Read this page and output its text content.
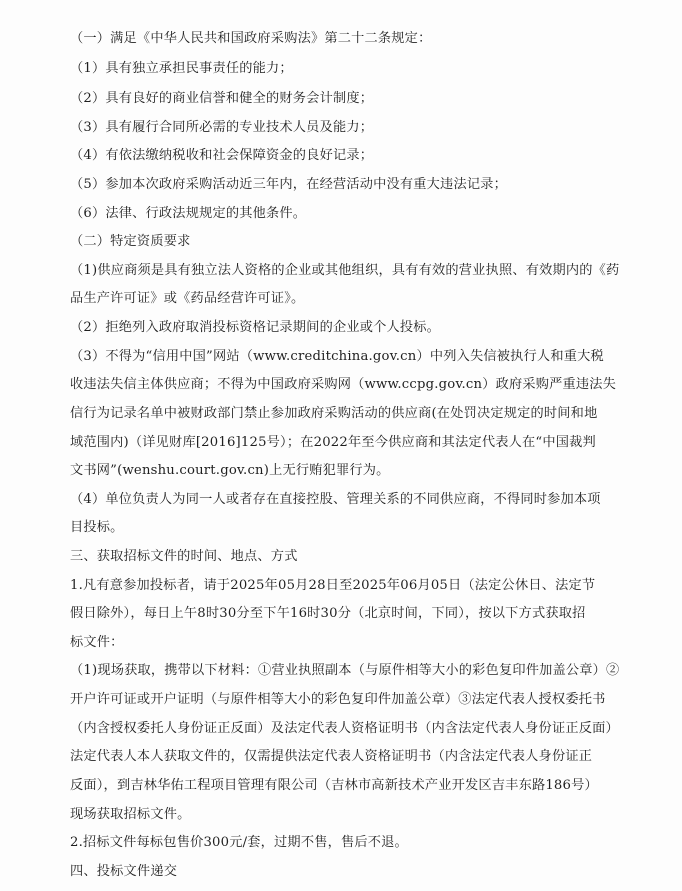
（一）满足《中华人民共和国政府采购法》第二十二条规定：
（1）具有独立承担民事责任的能力；
（2）具有良好的商业信誉和健全的财务会计制度；
（3）具有履行合同所必需的专业技术人员及能力；
（4）有依法缴纳税收和社会保障资金的良好记录；
（5）参加本次政府采购活动近三年内，在经营活动中没有重大违法记录；
（6）法律、行政法规规定的其他条件。
（二）特定资质要求
（1)供应商须是具有独立法人资格的企业或其他组织，具有有效的营业执照、有效期内的《药
品生产许可证》或《药品经营许可证》。
（2）拒绝列入政府取消投标资格记录期间的企业或个人投标。
（3）不得为“信用中国”网站（www.creditchina.gov.cn）中列入失信被执行人和重大税
收违法失信主体供应商；不得为中国政府采购网（www.ccpg.gov.cn）政府采购严重违法失
信行为记录名单中被财政部门禁止参加政府采购活动的供应商(在处罚决定规定的时间和地
域范围内)（详见财库[2016]125号）；在2022年至今供应商和其法定代表人在“中国裁判
文书网”(wenshu.court.gov.cn)上无行贿犯罪行为。
（4）单位负责人为同一人或者存在直接控股、管理关系的不同供应商，不得同时参加本项
目投标。
三、获取招标文件的时间、地点、方式
1.凡有意参加投标者，请于2025年05月28日至2025年06月05日（法定公休日、法定节
假日除外），每日上午8时30分至下午16时30分（北京时间，下同），按以下方式获取招
标文件：
（1)现场获取，携带以下材料：①营业执照副本（与原件相等大小的彩色复印件加盖公章）②
开户许可证或开户证明（与原件相等大小的彩色复印件加盖公章）③法定代表人授权委托书
（内含授权委托人身份证正反面）及法定代表人资格证明书（内含法定代表人身份证正反面）
法定代表人本人获取文件的，仅需提供法定代表人资格证明书（内含法定代表人身份证正
反面），到吉林华佑工程项目管理有限公司（吉林市高新技术产业开发区吉丰东路186号）
现场获取招标文件。
2.招标文件每标包售价300元/套，过期不售，售后不退。
四、投标文件递交
